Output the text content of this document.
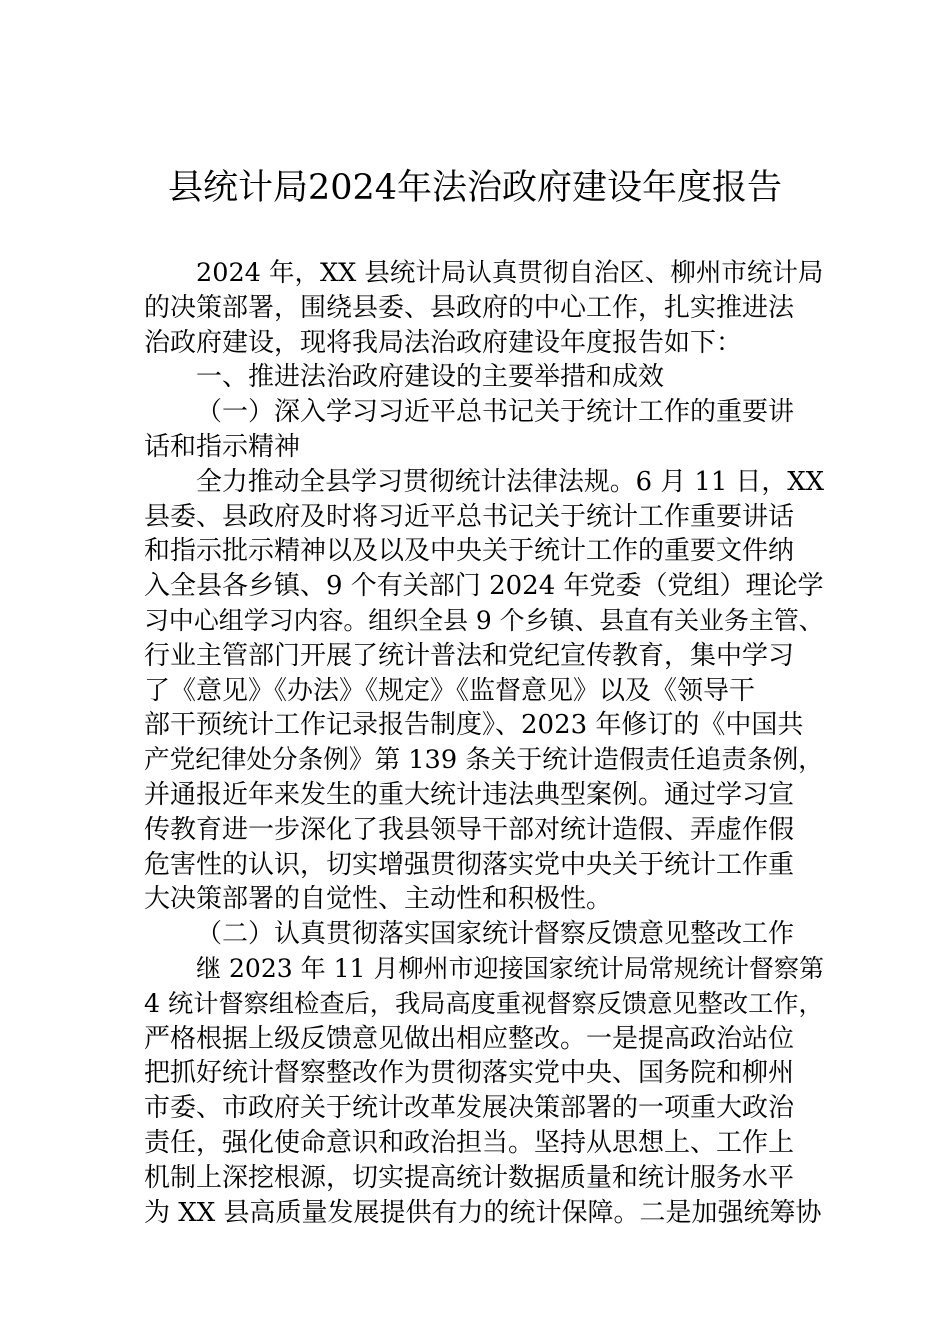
县统计局2024年法治政府建设年度报告
2024 年，XX 县统计局认真贯彻自治区、柳州市统计局
的决策部署，围绕县委、县政府的中心工作，扎实推进法
治政府建设，现将我局法治政府建设年度报告如下：
一、推进法治政府建设的主要举措和成效
（一）深入学习习近平总书记关于统计工作的重要讲
话和指示精神
全力推动全县学习贯彻统计法律法规。6 月 11 日，XX
县委、县政府及时将习近平总书记关于统计工作重要讲话
和指示批示精神以及以及中央关于统计工作的重要文件纳
入全县各乡镇、9 个有关部门 2024 年党委（党组）理论学
习中心组学习内容。组织全县 9 个乡镇、县直有关业务主管、
行业主管部门开展了统计普法和党纪宣传教育，集中学习
了《意见》《办法》《规定》《监督意见》以及《领导干
部干预统计工作记录报告制度》、2023 年修订的《中国共
产党纪律处分条例》第 139 条关于统计造假责任追责条例，
并通报近年来发生的重大统计违法典型案例。通过学习宣
传教育进一步深化了我县领导干部对统计造假、弄虚作假
危害性的认识，切实增强贯彻落实党中央关于统计工作重
大决策部署的自觉性、主动性和积极性。
（二）认真贯彻落实国家统计督察反馈意见整改工作
继 2023 年 11 月柳州市迎接国家统计局常规统计督察第
4 统计督察组检查后，我局高度重视督察反馈意见整改工作，
严格根据上级反馈意见做出相应整改。一是提高政治站位
把抓好统计督察整改作为贯彻落实党中央、国务院和柳州
市委、市政府关于统计改革发展决策部署的一项重大政治
责任，强化使命意识和政治担当。坚持从思想上、工作上
机制上深挖根源，切实提高统计数据质量和统计服务水平
为 XX 县高质量发展提供有力的统计保障。二是加强统筹协
